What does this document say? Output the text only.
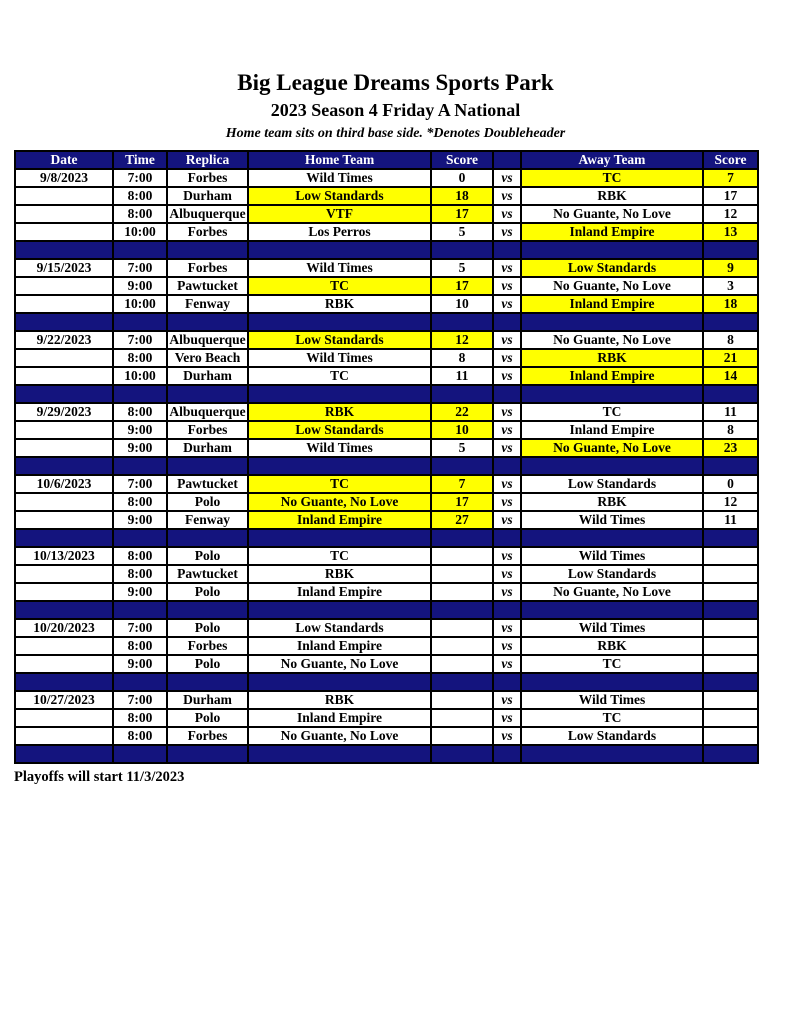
Big League Dreams Sports Park
2023 Season 4 Friday A National
Home team sits on third base side. *Denotes Doubleheader
Date	Time	Replica	Home Team	Score		Away Team	Score
9/8/2023	7:00	Forbes	Wild Times	0	vs	TC	7
	8:00	Durham	Low Standards	18	vs	RBK	17
	8:00	Albuquerque	VTF	17	vs	No Guante, No Love	12
	10:00	Forbes	Los Perros	5	vs	Inland Empire	13

9/15/2023	7:00	Forbes	Wild Times	5	vs	Low Standards	9
	9:00	Pawtucket	TC	17	vs	No Guante, No Love	3
	10:00	Fenway	RBK	10	vs	Inland Empire	18

9/22/2023	7:00	Albuquerque	Low Standards	12	vs	No Guante, No Love	8
	8:00	Vero Beach	Wild Times	8	vs	RBK	21
	10:00	Durham	TC	11	vs	Inland Empire	14

9/29/2023	8:00	Albuquerque	RBK	22	vs	TC	11
	9:00	Forbes	Low Standards	10	vs	Inland Empire	8
	9:00	Durham	Wild Times	5	vs	No Guante, No Love	23

10/6/2023	7:00	Pawtucket	TC	7	vs	Low Standards	0
	8:00	Polo	No Guante, No Love	17	vs	RBK	12
	9:00	Fenway	Inland Empire	27	vs	Wild Times	11

10/13/2023	8:00	Polo	TC		vs	Wild Times	
	8:00	Pawtucket	RBK		vs	Low Standards	
	9:00	Polo	Inland Empire		vs	No Guante, No Love	

10/20/2023	7:00	Polo	Low Standards		vs	Wild Times	
	8:00	Forbes	Inland Empire		vs	RBK	
	9:00	Polo	No Guante, No Love		vs	TC	

10/27/2023	7:00	Durham	RBK		vs	Wild Times	
	8:00	Polo	Inland Empire		vs	TC	
	8:00	Forbes	No Guante, No Love		vs	Low Standards	

Playoffs will start 11/3/2023
